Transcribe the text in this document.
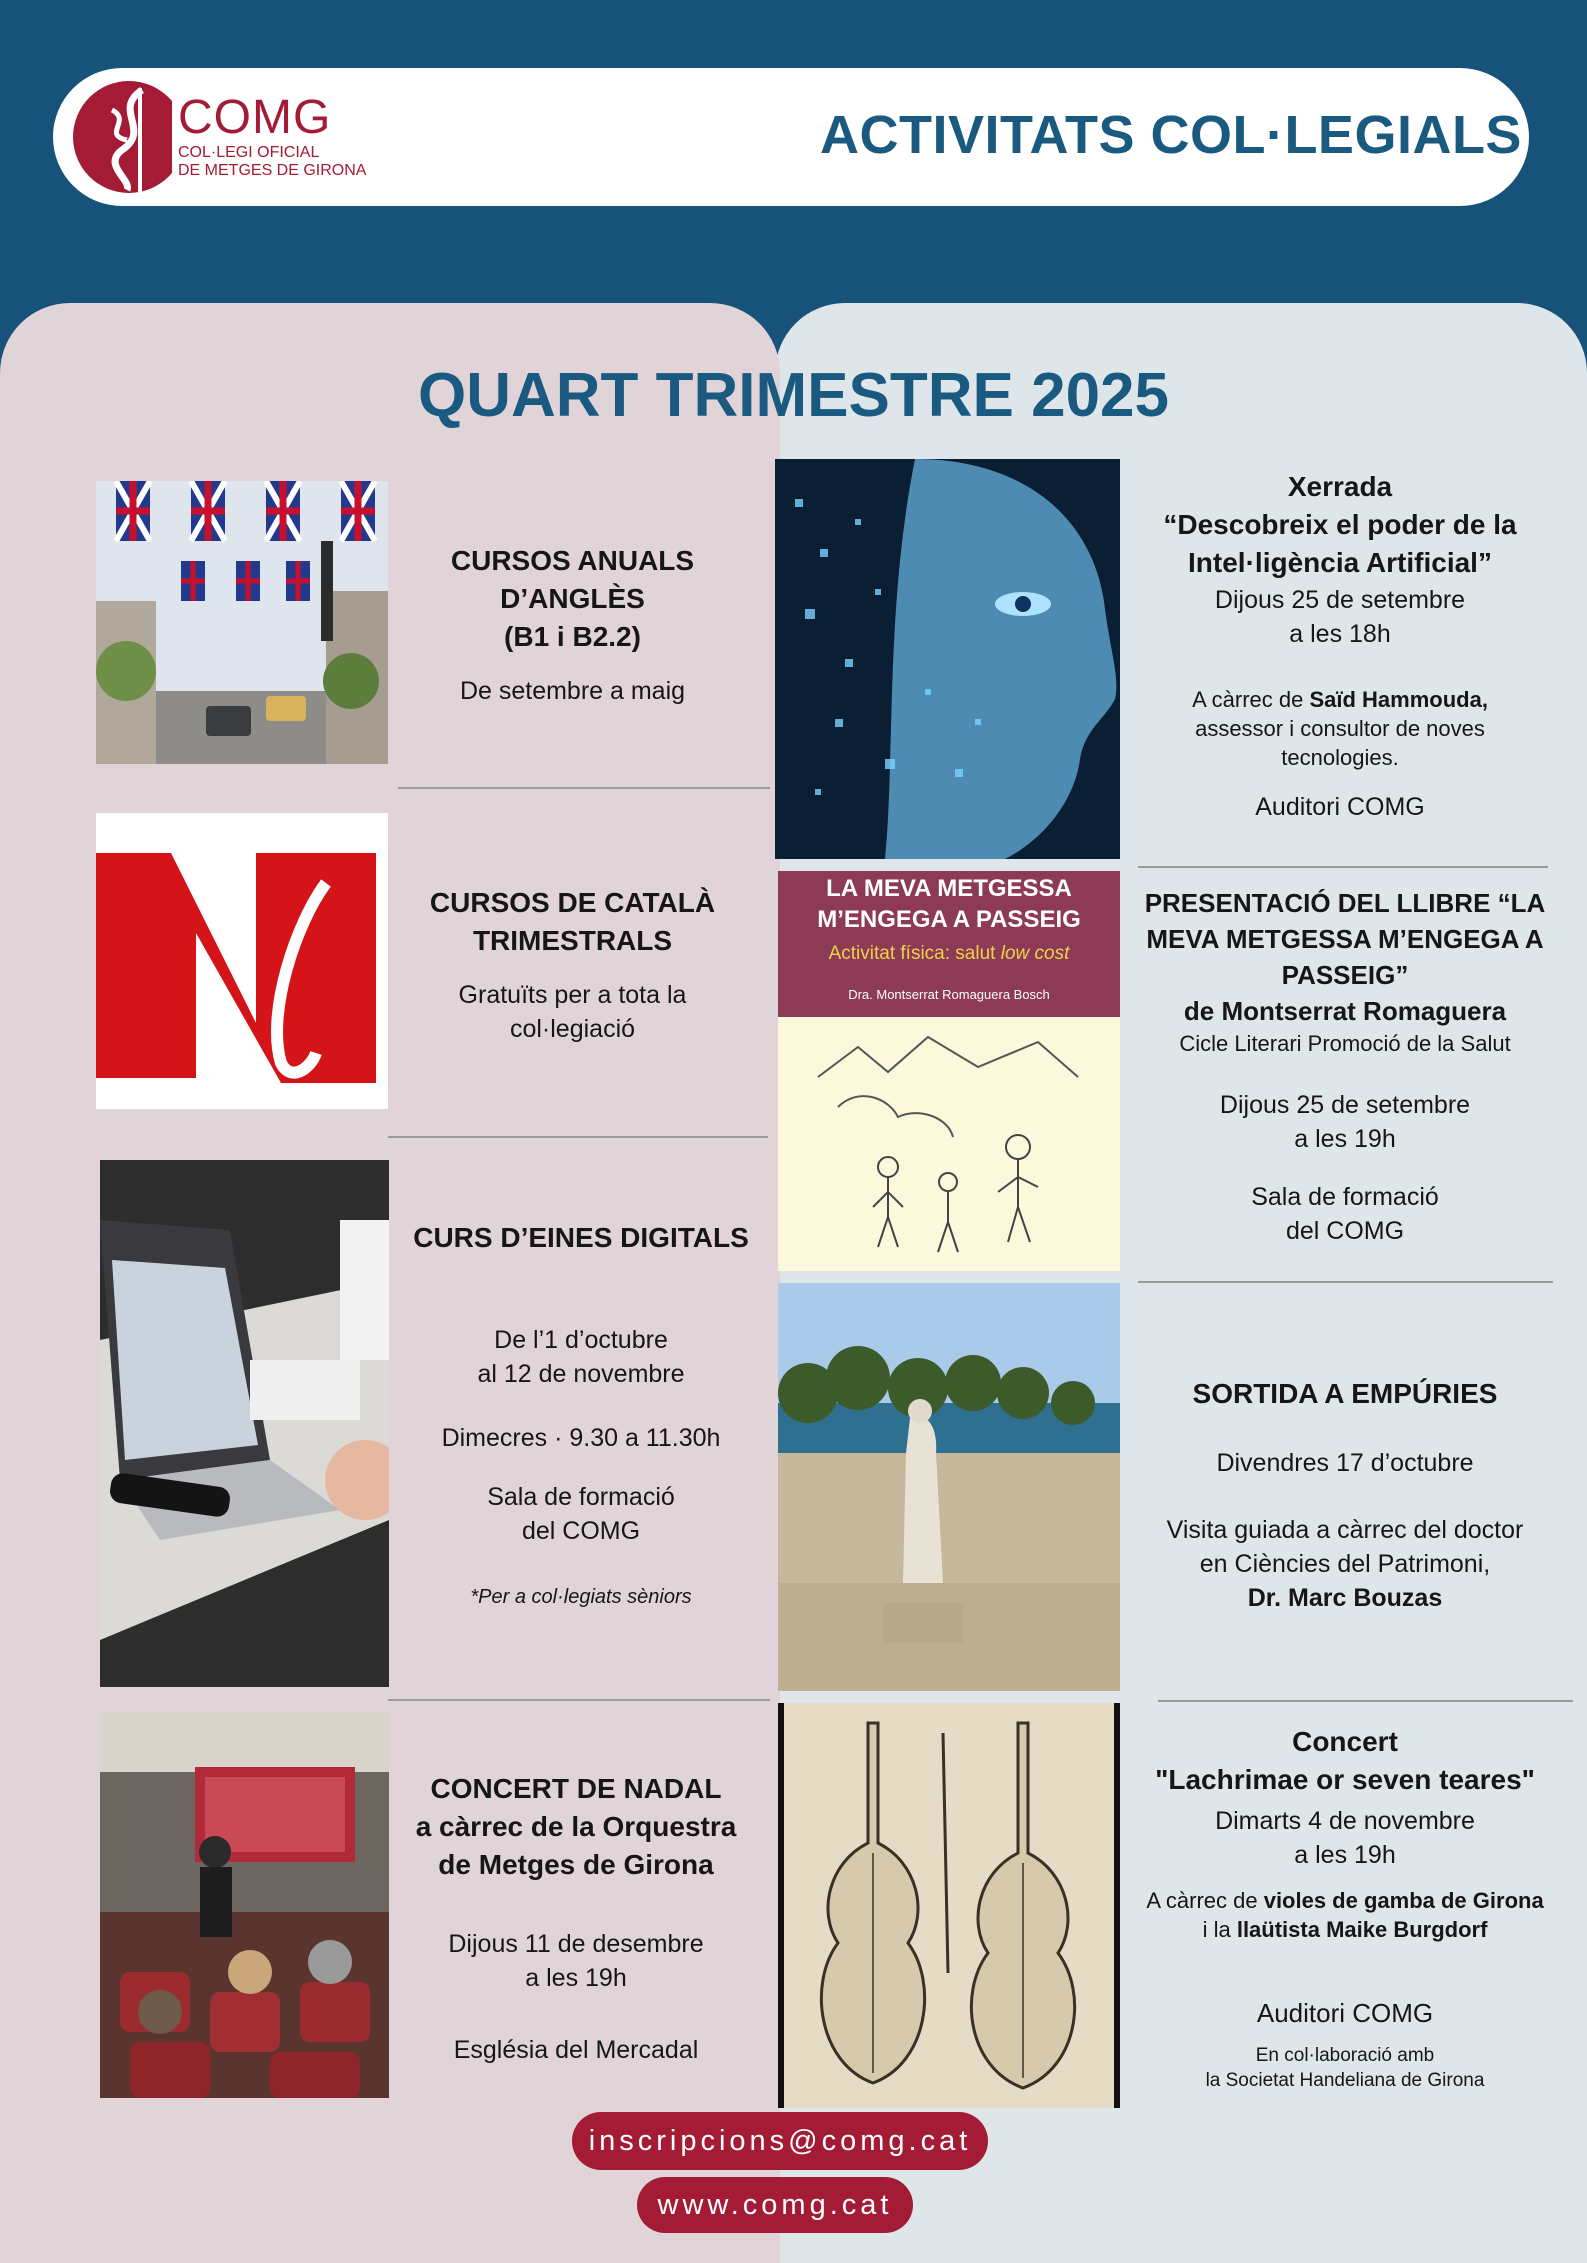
COMG
COL·LEGI OFICIAL
DE METGES DE GIRONA
ACTIVITATS COL·LEGIALS
QUART TRIMESTRE 2025
CURSOS ANUALS
D’ANGLÈS
(B1 i B2.2)
De setembre a maig
CURSOS DE CATALÀ
TRIMESTRALS
Gratuïts per a tota la
col·legiació
CURS D’EINES DIGITALS
De l’1 d’octubre
al 12 de novembre
Dimecres · 9.30 a 11.30h
Sala de formació
del COMG
*Per a col·legiats sèniors
CONCERT DE NADAL
a càrrec de la Orquestra
de Metges de Girona
Dijous 11 de desembre
a les 19h
Església del Mercadal
Xerrada
“Descobreix el poder de la
Intel·ligència Artificial”
Dijous 25 de setembre
a les 18h
A càrrec de Saïd Hammouda,
assessor i consultor de noves
tecnologies.
Auditori COMG
LA MEVA METGESSA
M’ENGEGA A PASSEIG
Activitat física: salut low cost
Dra. Montserrat Romaguera Bosch
PRESENTACIÓ DEL LLIBRE “LA
MEVA METGESSA M’ENGEGA A
PASSEIG”
de Montserrat Romaguera
Cicle Literari Promoció de la Salut
Dijous 25 de setembre
a les 19h
Sala de formació
del COMG
SORTIDA A EMPÚRIES
Divendres 17 d’octubre
Visita guiada a càrrec del doctor
en Ciències del Patrimoni,
Dr. Marc Bouzas
Concert
"Lachrimae or seven teares"
Dimarts 4 de novembre
a les 19h
A càrrec de violes de gamba de Girona
i la llaütista Maike Burgdorf
Auditori COMG
En col·laboració amb
la Societat Handeliana de Girona
inscripcions@comg.cat
www.comg.cat
